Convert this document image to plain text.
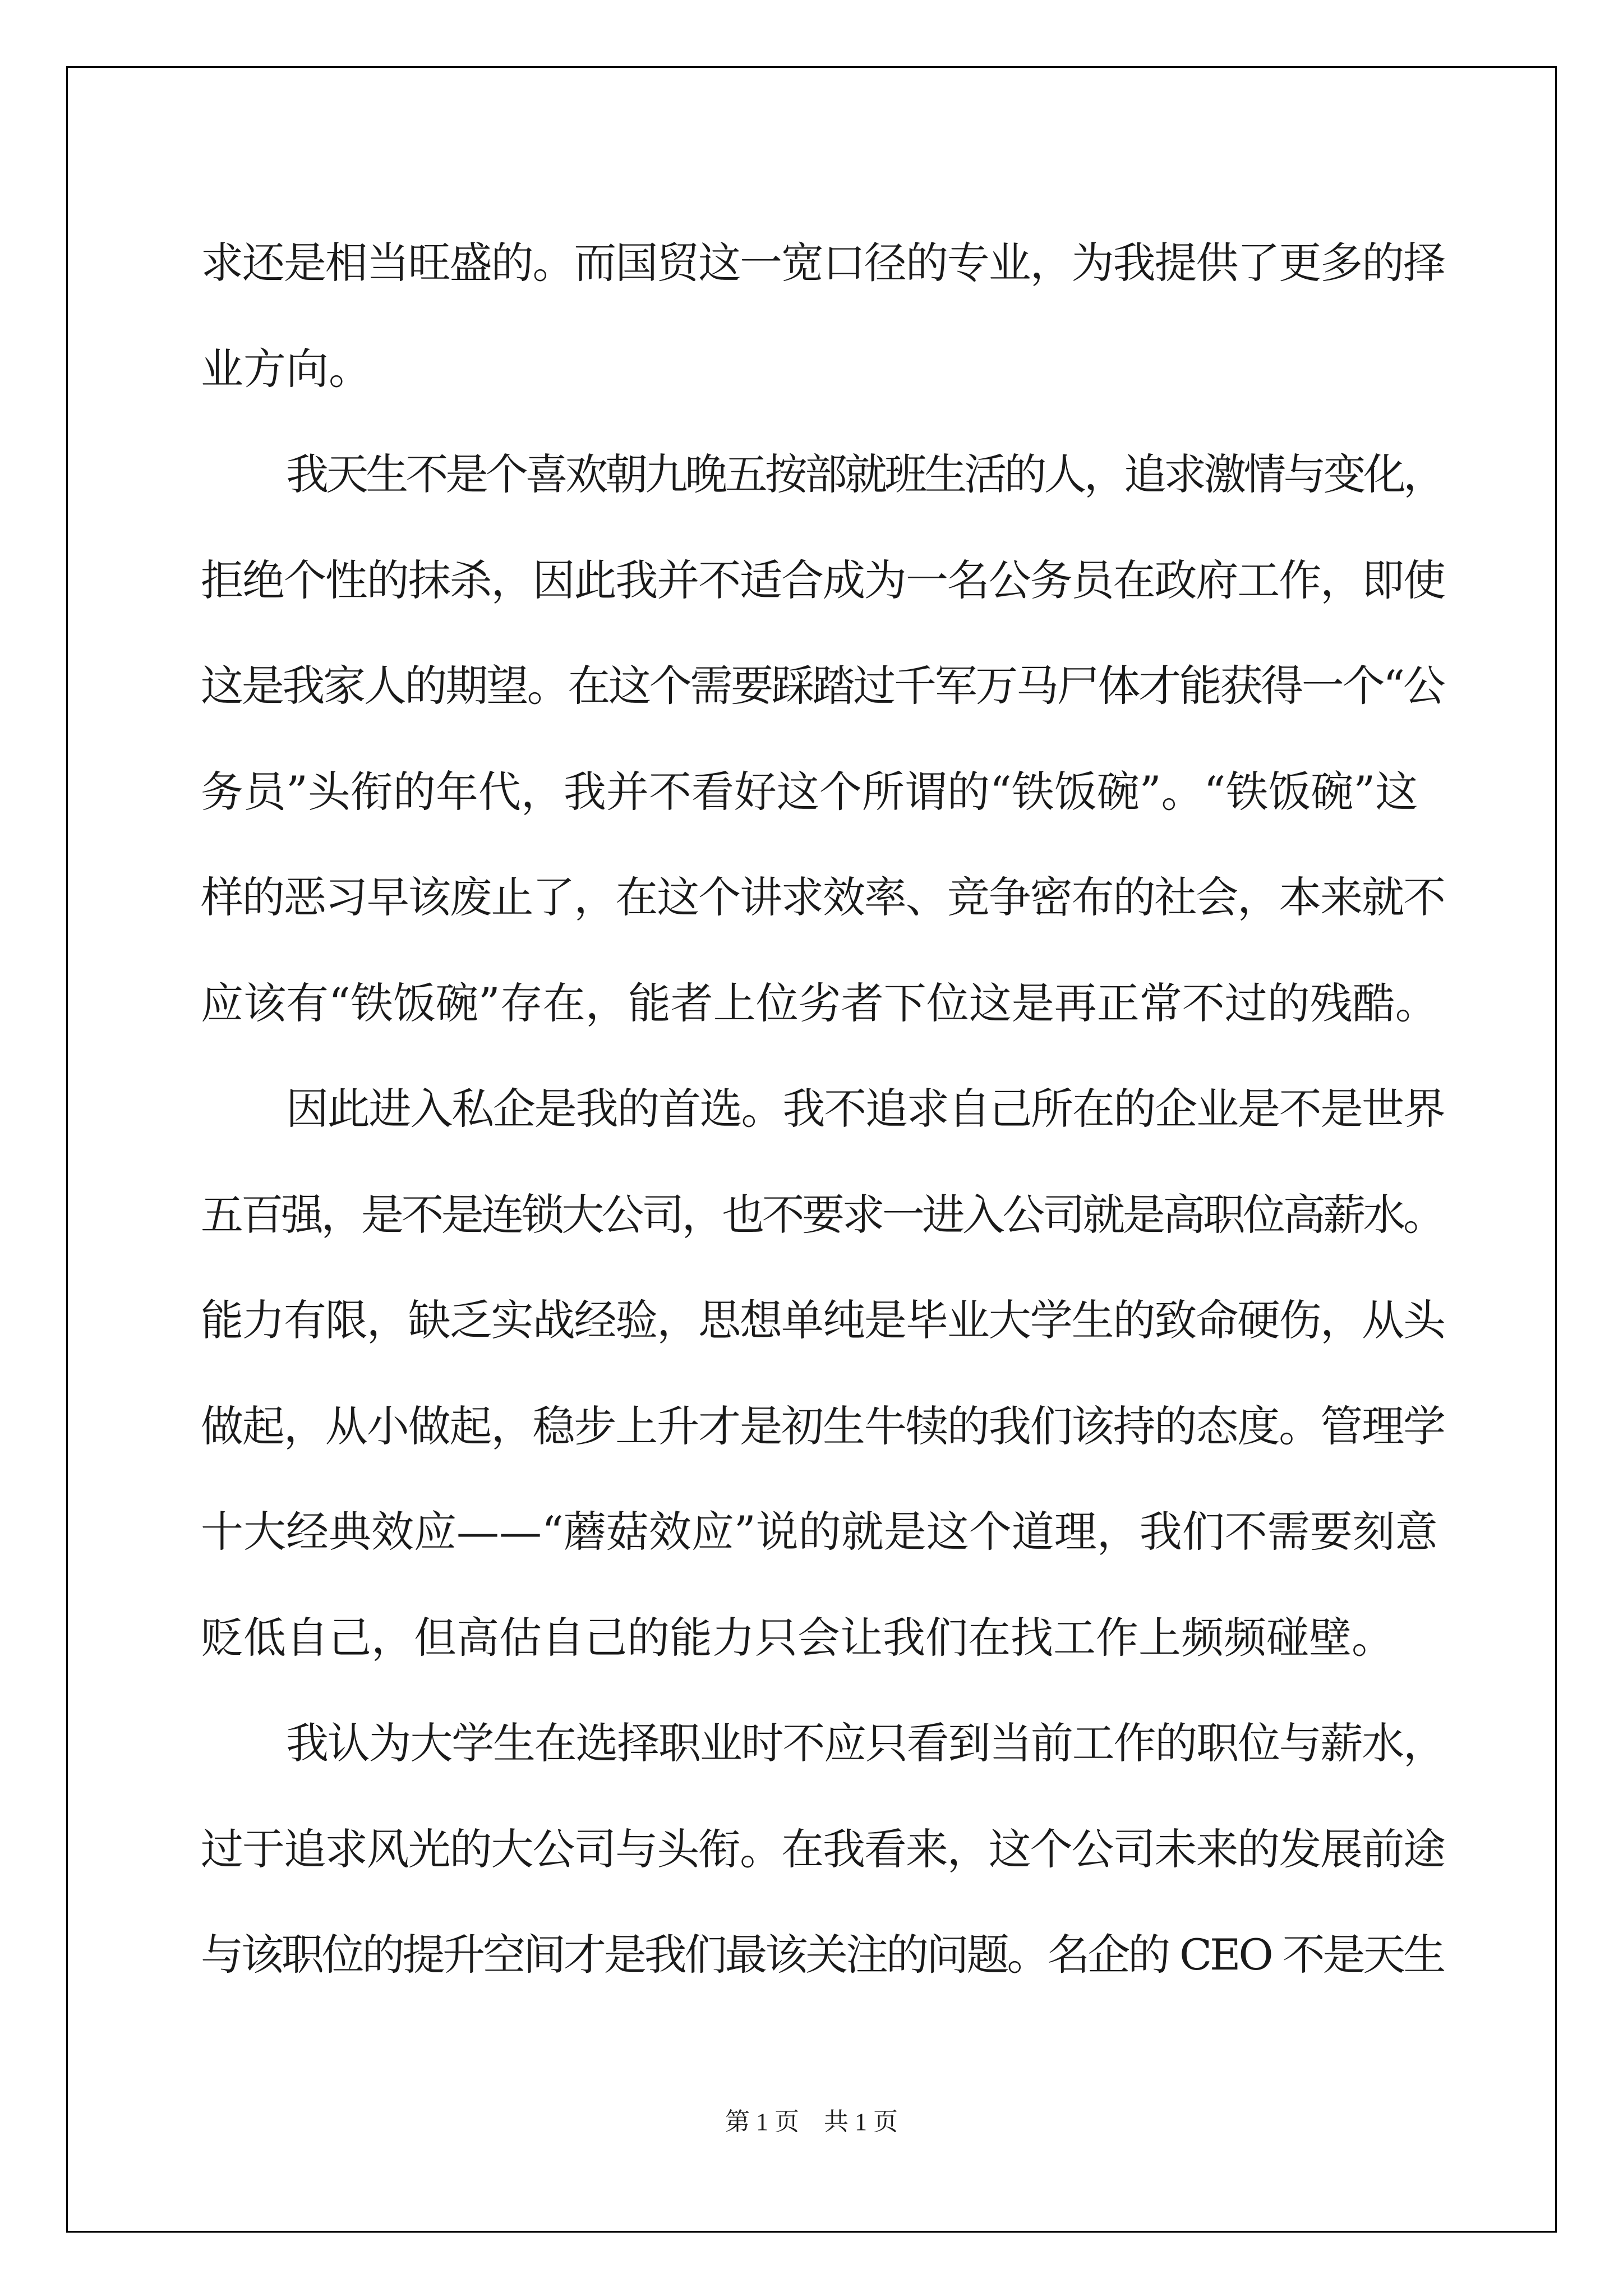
求还是相当旺盛的。而国贸这一宽口径的专业，为我提供了更多的择
业方向。
我天生不是个喜欢朝九晚五按部就班生活的人，追求激情与变化，
拒绝个性的抹杀，因此我并不适合成为一名公务员在政府工作，即使
这是我家人的期望。在这个需要踩踏过千军万马尸体才能获得一个“公
务员”头衔的年代，我并不看好这个所谓的“铁饭碗”。“铁饭碗”这
样的恶习早该废止了，在这个讲求效率、竞争密布的社会，本来就不
应该有“铁饭碗”存在，能者上位劣者下位这是再正常不过的残酷。
因此进入私企是我的首选。我不追求自己所在的企业是不是世界
五百强，是不是连锁大公司，也不要求一进入公司就是高职位高薪水。
能力有限，缺乏实战经验，思想单纯是毕业大学生的致命硬伤，从头
做起，从小做起，稳步上升才是初生牛犊的我们该持的态度。管理学
十大经典效应——“蘑菇效应”说的就是这个道理，我们不需要刻意
贬低自己，但高估自己的能力只会让我们在找工作上频频碰壁。
我认为大学生在选择职业时不应只看到当前工作的职位与薪水，
过于追求风光的大公司与头衔。在我看来，这个公司未来的发展前途
与该职位的提升空间才是我们最该关注的问题。名企的 CEO 不是天生
第 1 页　共 1 页
